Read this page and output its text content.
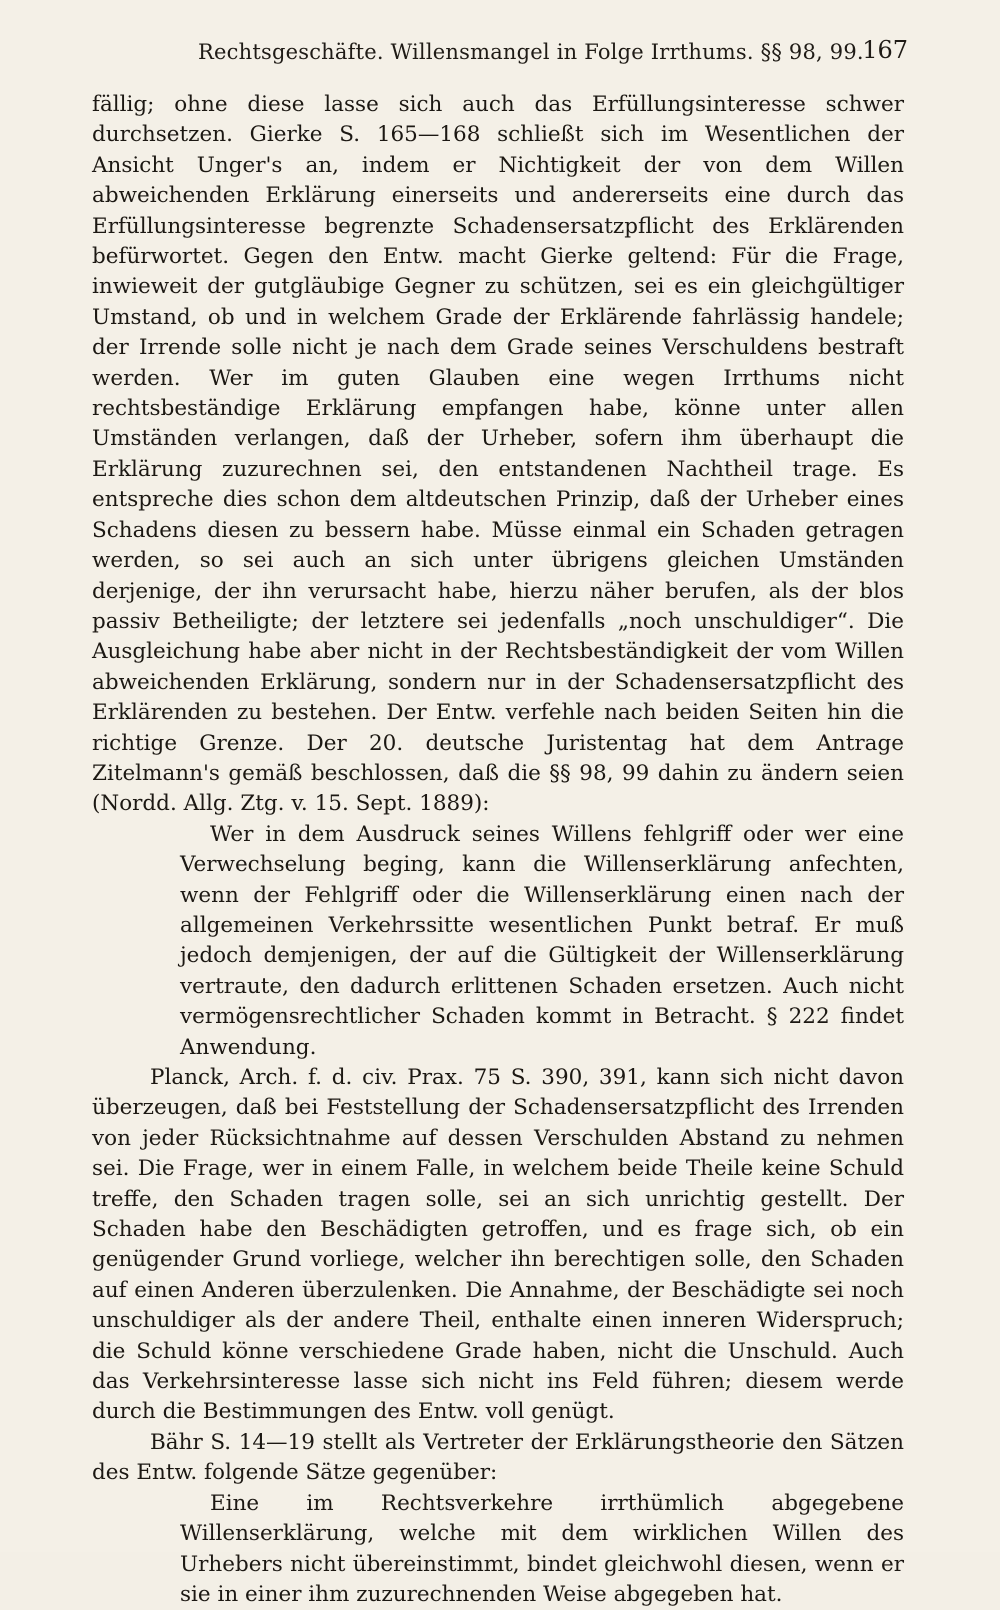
Rechtsgeschäfte. Willensmangel in Folge Irrthums. §§ 98, 99.
167

fällig; ohne diese lasse sich auch das Erfüllungsinteresse schwer durchsetzen. Gierke S. 165—168 schließt sich im Wesentlichen der Ansicht Unger's an, indem er Nichtigkeit der von dem Willen abweichenden Erklärung einerseits und andererseits eine durch das Erfüllungsinteresse begrenzte Schadensersatzpflicht des Erklärenden befürwortet. Gegen den Entw. macht Gierke geltend: Für die Frage, inwieweit der gutgläubige Gegner zu schützen, sei es ein gleichgültiger Umstand, ob und in welchem Grade der Erklärende fahrlässig handele; der Irrende solle nicht je nach dem Grade seines Verschuldens bestraft werden. Wer im guten Glauben eine wegen Irrthums nicht rechtsbeständige Erklärung empfangen habe, könne unter allen Umständen verlangen, daß der Urheber, sofern ihm überhaupt die Erklärung zuzurechnen sei, den entstandenen Nachtheil trage. Es entspreche dies schon dem altdeutschen Prinzip, daß der Urheber eines Schadens diesen zu bessern habe. Müsse einmal ein Schaden getragen werden, so sei auch an sich unter übrigens gleichen Umständen derjenige, der ihn verursacht habe, hierzu näher berufen, als der blos passiv Betheiligte; der letztere sei jedenfalls „noch unschuldiger“. Die Ausgleichung habe aber nicht in der Rechtsbeständigkeit der vom Willen abweichenden Erklärung, sondern nur in der Schadensersatzpflicht des Erklärenden zu bestehen. Der Entw. verfehle nach beiden Seiten hin die richtige Grenze. Der 20. deutsche Juristentag hat dem Antrage Zitelmann's gemäß beschlossen, daß die §§ 98, 99 dahin zu ändern seien (Nordd. Allg. Ztg. v. 15. Sept. 1889):

Wer in dem Ausdruck seines Willens fehlgriff oder wer eine Verwechselung beging, kann die Willenserklärung anfechten, wenn der Fehlgriff oder die Willenserklärung einen nach der allgemeinen Verkehrssitte wesentlichen Punkt betraf. Er muß jedoch demjenigen, der auf die Gültigkeit der Willenserklärung vertraute, den dadurch erlittenen Schaden ersetzen. Auch nicht vermögensrechtlicher Schaden kommt in Betracht. § 222 findet Anwendung.

Planck, Arch. f. d. civ. Prax. 75 S. 390, 391, kann sich nicht davon überzeugen, daß bei Feststellung der Schadensersatzpflicht des Irrenden von jeder Rücksichtnahme auf dessen Verschulden Abstand zu nehmen sei. Die Frage, wer in einem Falle, in welchem beide Theile keine Schuld treffe, den Schaden tragen solle, sei an sich unrichtig gestellt. Der Schaden habe den Beschädigten getroffen, und es frage sich, ob ein genügender Grund vorliege, welcher ihn berechtigen solle, den Schaden auf einen Anderen überzulenken. Die Annahme, der Beschädigte sei noch unschuldiger als der andere Theil, enthalte einen inneren Widerspruch; die Schuld könne verschiedene Grade haben, nicht die Unschuld. Auch das Verkehrsinteresse lasse sich nicht ins Feld führen; diesem werde durch die Bestimmungen des Entw. voll genügt.

Bähr S. 14—19 stellt als Vertreter der Erklärungstheorie den Sätzen des Entw. folgende Sätze gegenüber:

Eine im Rechtsverkehre irrthümlich abgegebene Willenserklärung, welche mit dem wirklichen Willen des Urhebers nicht übereinstimmt, bindet gleichwohl diesen, wenn er sie in einer ihm zuzurechnenden Weise abgegeben hat.
